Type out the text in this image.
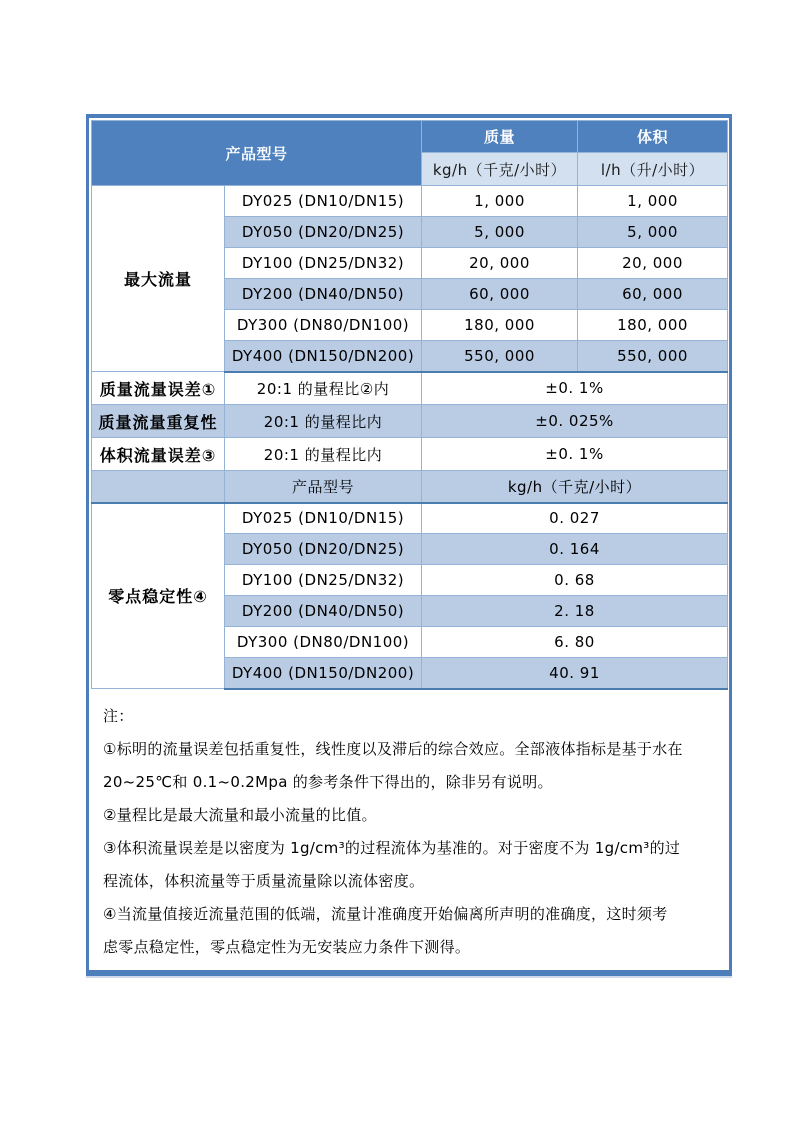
产品型号		质量	体积
		kg/h（千克/小时）	l/h（升/小时）
最大流量	DY025 (DN10/DN15)	1, 000	1, 000
	DY050 (DN20/DN25)	5, 000	5, 000
	DY100 (DN25/DN32)	20, 000	20, 000
	DY200 (DN40/DN50)	60, 000	60, 000
	DY300 (DN80/DN100)	180, 000	180, 000
	DY400 (DN150/DN200)	550, 000	550, 000
质量流量误差①	20:1 的量程比②内	±0. 1%	
质量流量重复性	20:1 的量程比内	±0. 025%	
体积流量误差③	20:1 的量程比内	±0. 1%	
	产品型号	kg/h（千克/小时）	
零点稳定性④	DY025 (DN10/DN15)	0. 027	
	DY050 (DN20/DN25)	0. 164	
	DY100 (DN25/DN32)	0. 68	
	DY200 (DN40/DN50)	2. 18	
	DY300 (DN80/DN100)	6. 80	
	DY400 (DN150/DN200)	40. 91	
注：
①标明的流量误差包括重复性，线性度以及滞后的综合效应。全部液体指标是基于水在
20~25℃和 0.1~0.2Mpa 的参考条件下得出的，除非另有说明。
②量程比是最大流量和最小流量的比值。
③体积流量误差是以密度为 1g/cm³的过程流体为基准的。对于密度不为 1g/cm³的过
程流体，体积流量等于质量流量除以流体密度。
④当流量值接近流量范围的低端，流量计准确度开始偏离所声明的准确度，这时须考
虑零点稳定性，零点稳定性为无安装应力条件下测得。
